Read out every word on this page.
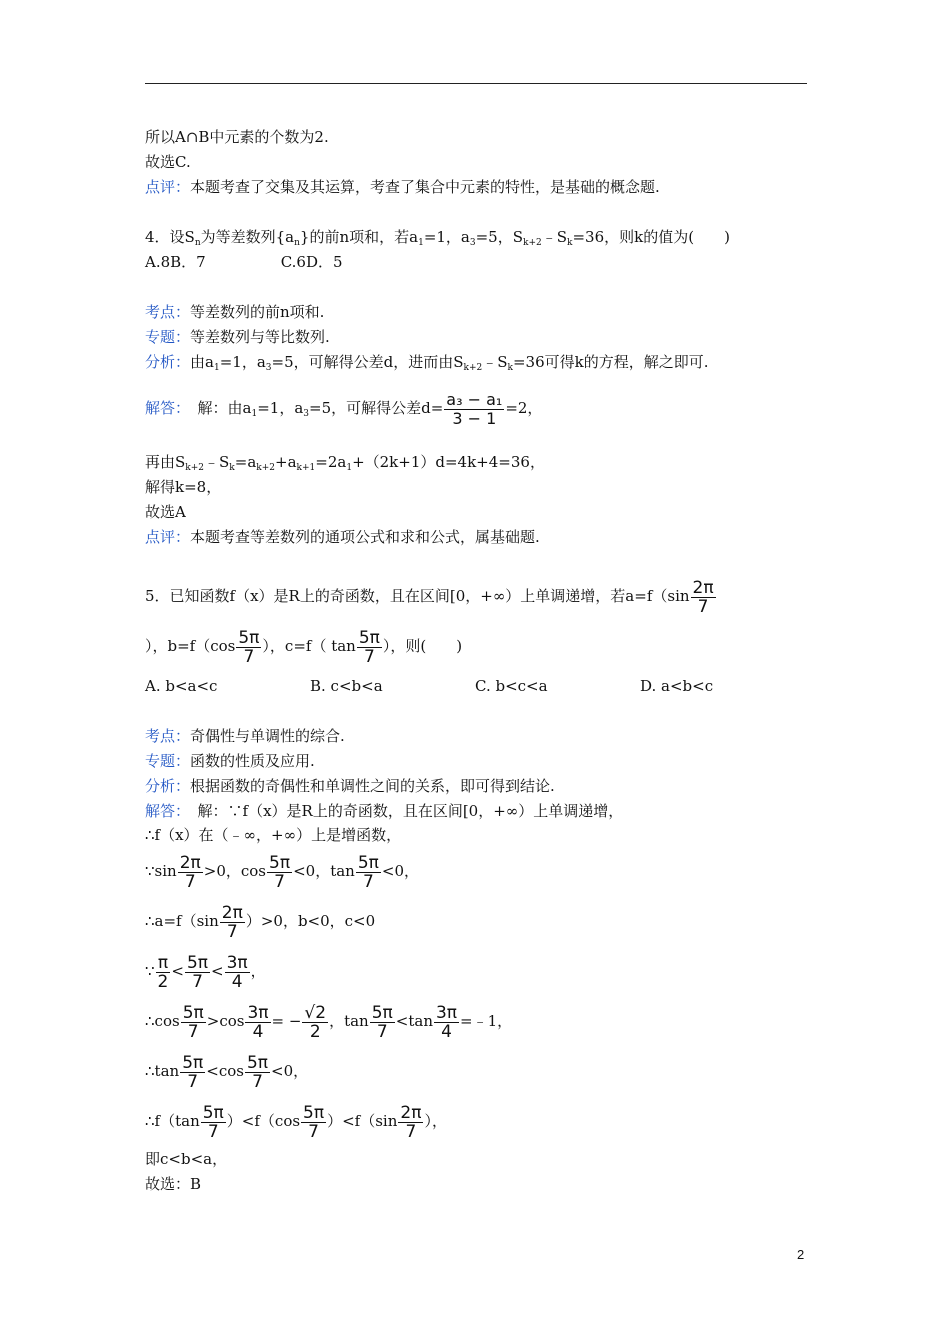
所以A∩B中元素的个数为2.
故选C.
点评：本题考查了交集及其运算，考查了集合中元素的特性，是基础的概念题.
4．设$S_n$为等差数列$\{a_n\}$的前n项和，若$a_1=1$，$a_3=5$，$S_{k+2}﹣S_k=36$，则k的值为(　　)
A.8B．7　　　　　C.6D．5
考点：等差数列的前n项和.
专题：等差数列与等比数列.
分析：由$a_1=1$，$a_3=5$，可解得公差d，进而由$S_{k+2}﹣S_k=36$可得k的方程，解之即可.
解答：　解：由$a_1=1$，$a_3=5$，可解得公差$d= \frac{\text{a₃ − a₁}}{3 - 1} =2$，
再由$S_{k+2}﹣S_k=a_{k+2}+a_{k+1}=2a_1+(2k+1)d=4k+4=36$，
解得k=8，
故选A
点评：本题考查等差数列的通项公式和求和公式，属基础题.
5．已知函数f（x）是R上的奇函数，且在区间[0，+∞）上单调递增，若$a=f(\sin \frac{2\pi}{7}$
），$b=f(\cos \frac{5\pi}{7}$ ），c=f（ $\tan \frac{5\pi}{7}$ ），则(　　)
A. b<a<c	B. c<b<a	C. b<c<a	D. a<b<c
考点：奇偶性与单调性的综合.
专题：函数的性质及应用.
分析：根据函数的奇偶性和单调性之间的关系，即可得到结论.
解答：　解：∵f（x）是R上的奇函数，且在区间[0，+∞）上单调递增，
∴f（x）在（﹣∞，+∞）上是增函数，
∵sin $\frac{2\pi}{7} >0$，$\cos \frac{5\pi}{7} <0$，$\tan \frac{5\pi}{7} <0$，
∴a=f（sin $\frac{2\pi}{7} )>0$，b<0，c<0
∵ $\frac{\pi}{2} < \frac{5\pi}{7} < \frac{3\pi}{4}$ ，
∴cos $\frac{5\pi}{7} >\cos \frac{3\pi}{4}$ = − $\frac{√2}{2}$ ，$\tan \frac{5\pi}{7} <\tan \frac{3\pi}{4}$ =﹣1，
∴tan $\frac{5\pi}{7} <\cos \frac{5\pi}{7} <0$，
∴f（tan $\frac{5\pi}{7} )<f(\cos \frac{5\pi}{7} )<f(\sin \frac{2\pi}{7}$ ），
即c<b<a，
故选：B
2
